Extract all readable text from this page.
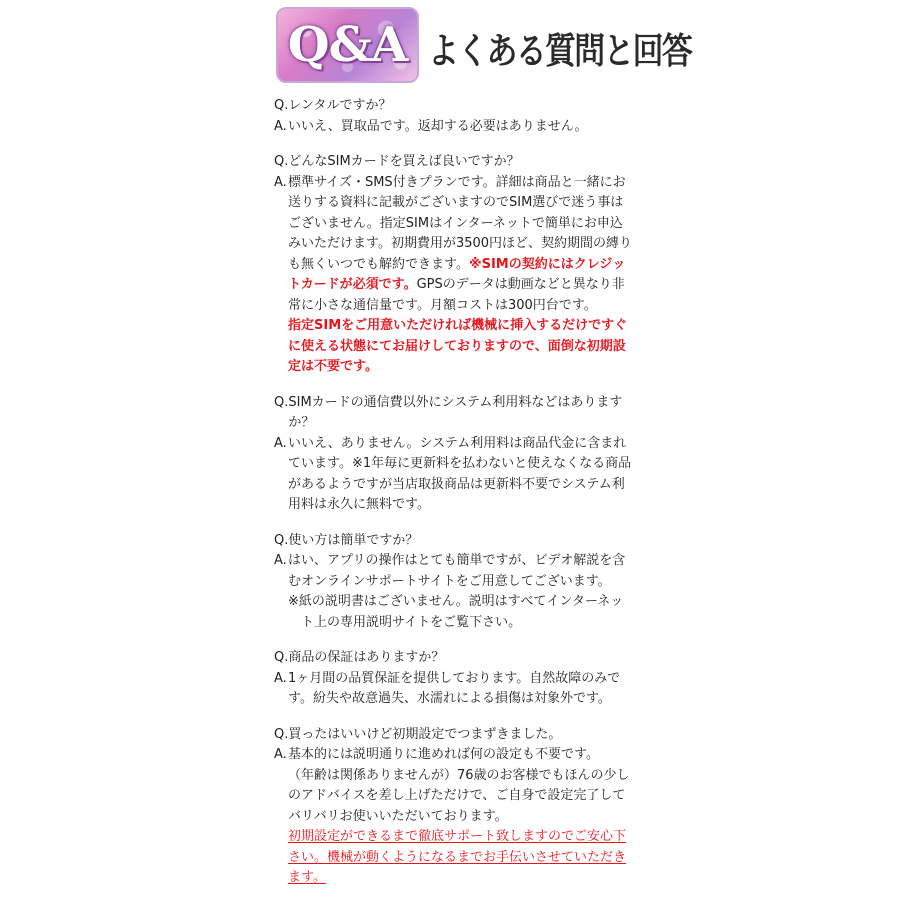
Q&A よくある質問と回答
Q.レンタルですか？
A. いいえ、買取品です。返却する必要はありません。
Q.どんなSIMカードを買えば良いですか？
A. 標準サイズ・SMS付きプランです。詳細は商品と一緒にお送りする資料に記載がございますのでSIM選びで迷う事はございません。指定SIMはインターネットで簡単にお申込みいただけます。初期費用が3500円ほど、契約期間の縛りも無くいつでも解約できます。※SIMの契約にはクレジットカードが必須です。GPSのデータは動画などと異なり非常に小さな通信量です。月額コストは300円台です。
指定SIMをご用意いただければ機械に挿入するだけですぐに使える状態にてお届けしておりますので、面倒な初期設定は不要です。
Q. SIMカードの通信費以外にシステム利用料などはありますか？
A. いいえ、ありません。システム利用料は商品代金に含まれています。※1年毎に更新料を払わないと使えなくなる商品があるようですが当店取扱商品は更新料不要でシステム利用料は永久に無料です。
Q.使い方は簡単ですか？
A. はい、アプリの操作はとても簡単ですが、ビデオ解説を含むオンラインサポートサイトをご用意してございます。
※紙の説明書はございません。説明はすべてインターネット上の専用説明サイトをご覧下さい。
Q.商品の保証はありますか？
A. 1ヶ月間の品質保証を提供しております。自然故障のみです。紛失や故意過失、水濡れによる損傷は対象外です。
Q.買ったはいいけど初期設定でつまずきました。
A. 基本的には説明通りに進めれば何の設定も不要です。
（年齢は関係ありませんが）76歳のお客様でもほんの少しのアドバイスを差し上げただけで、ご自身で設定完了してバリバリお使いいただいております。
初期設定ができるまで徹底サポート致しますのでご安心下さい。機械が動くようになるまでお手伝いさせていただきます。
